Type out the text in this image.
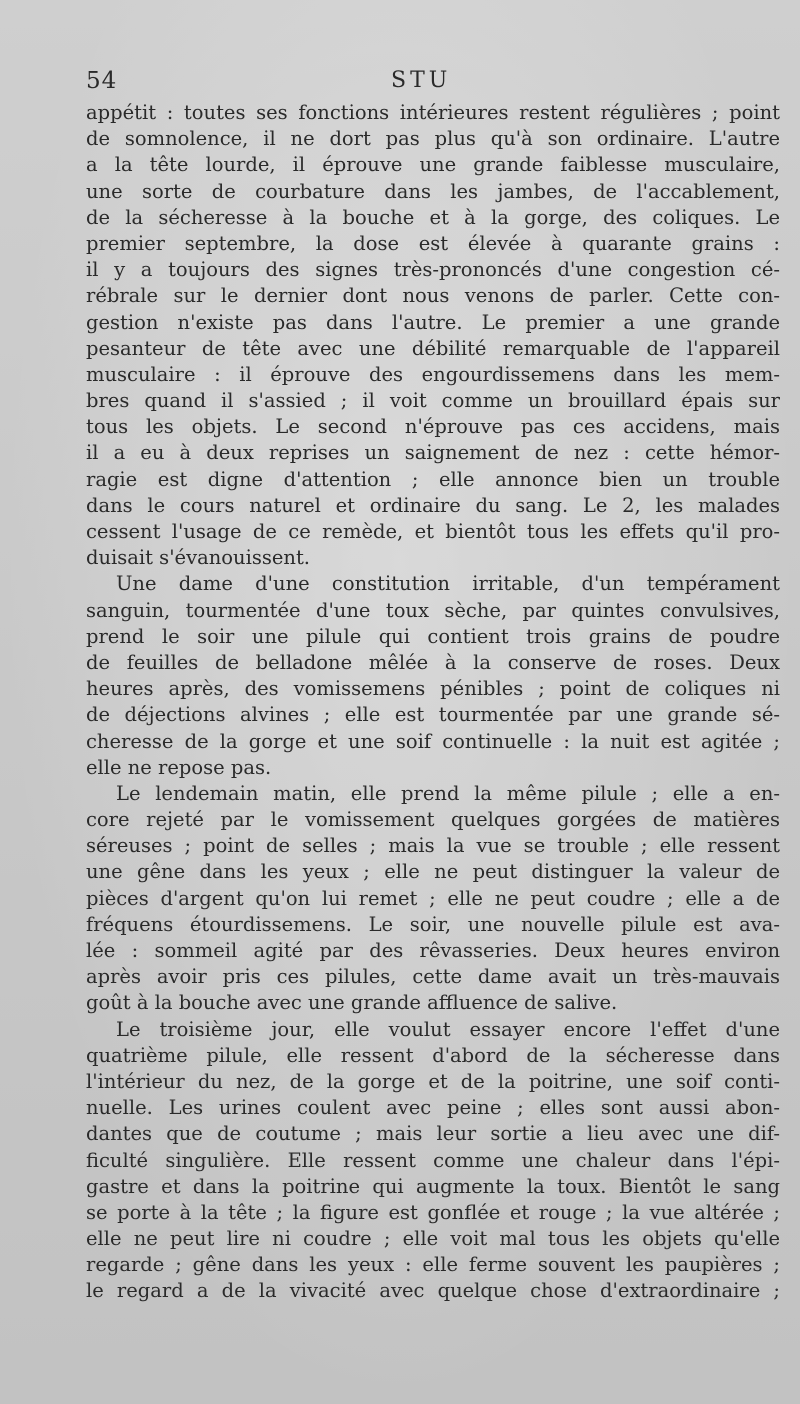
54	STU
appétit : toutes ses fonctions intérieures restent régulières ; point
de somnolence, il ne dort pas plus qu'à son ordinaire. L'autre
a la tête lourde, il éprouve une grande faiblesse musculaire,
une sorte de courbature dans les jambes, de l'accablement,
de la sécheresse à la bouche et à la gorge, des coliques. Le
premier septembre, la dose est élevée à quarante grains :
il y a toujours des signes très-prononcés d'une congestion cé-
rébrale sur le dernier dont nous venons de parler. Cette con-
gestion n'existe pas dans l'autre. Le premier a une grande
pesanteur de tête avec une débilité remarquable de l'appareil
musculaire : il éprouve des engourdissemens dans les mem-
bres quand il s'assied ; il voit comme un brouillard épais sur
tous les objets. Le second n'éprouve pas ces accidens, mais
il a eu à deux reprises un saignement de nez : cette hémor-
ragie est digne d'attention ; elle annonce bien un trouble
dans le cours naturel et ordinaire du sang. Le 2, les malades
cessent l'usage de ce remède, et bientôt tous les effets qu'il pro-
duisait s'évanouissent.
Une dame d'une constitution irritable, d'un tempérament
sanguin, tourmentée d'une toux sèche, par quintes convulsives,
prend le soir une pilule qui contient trois grains de poudre
de feuilles de belladone mêlée à la conserve de roses. Deux
heures après, des vomissemens pénibles ; point de coliques ni
de déjections alvines ; elle est tourmentée par une grande sé-
cheresse de la gorge et une soif continuelle : la nuit est agitée ;
elle ne repose pas.
Le lendemain matin, elle prend la même pilule ; elle a en-
core rejeté par le vomissement quelques gorgées de matières
séreuses ; point de selles ; mais la vue se trouble ; elle ressent
une gêne dans les yeux ; elle ne peut distinguer la valeur de
pièces d'argent qu'on lui remet ; elle ne peut coudre ; elle a de
fréquens étourdissemens. Le soir, une nouvelle pilule est ava-
lée : sommeil agité par des rêvasseries. Deux heures environ
après avoir pris ces pilules, cette dame avait un très-mauvais
goût à la bouche avec une grande affluence de salive.
Le troisième jour, elle voulut essayer encore l'effet d'une
quatrième pilule, elle ressent d'abord de la sécheresse dans
l'intérieur du nez, de la gorge et de la poitrine, une soif conti-
nuelle. Les urines coulent avec peine ; elles sont aussi abon-
dantes que de coutume ; mais leur sortie a lieu avec une dif-
ficulté singulière. Elle ressent comme une chaleur dans l'épi-
gastre et dans la poitrine qui augmente la toux. Bientôt le sang
se porte à la tête ; la figure est gonflée et rouge ; la vue altérée ;
elle ne peut lire ni coudre ; elle voit mal tous les objets qu'elle
regarde ; gêne dans les yeux : elle ferme souvent les paupières ;
le regard a de la vivacité avec quelque chose d'extraordinaire ;
